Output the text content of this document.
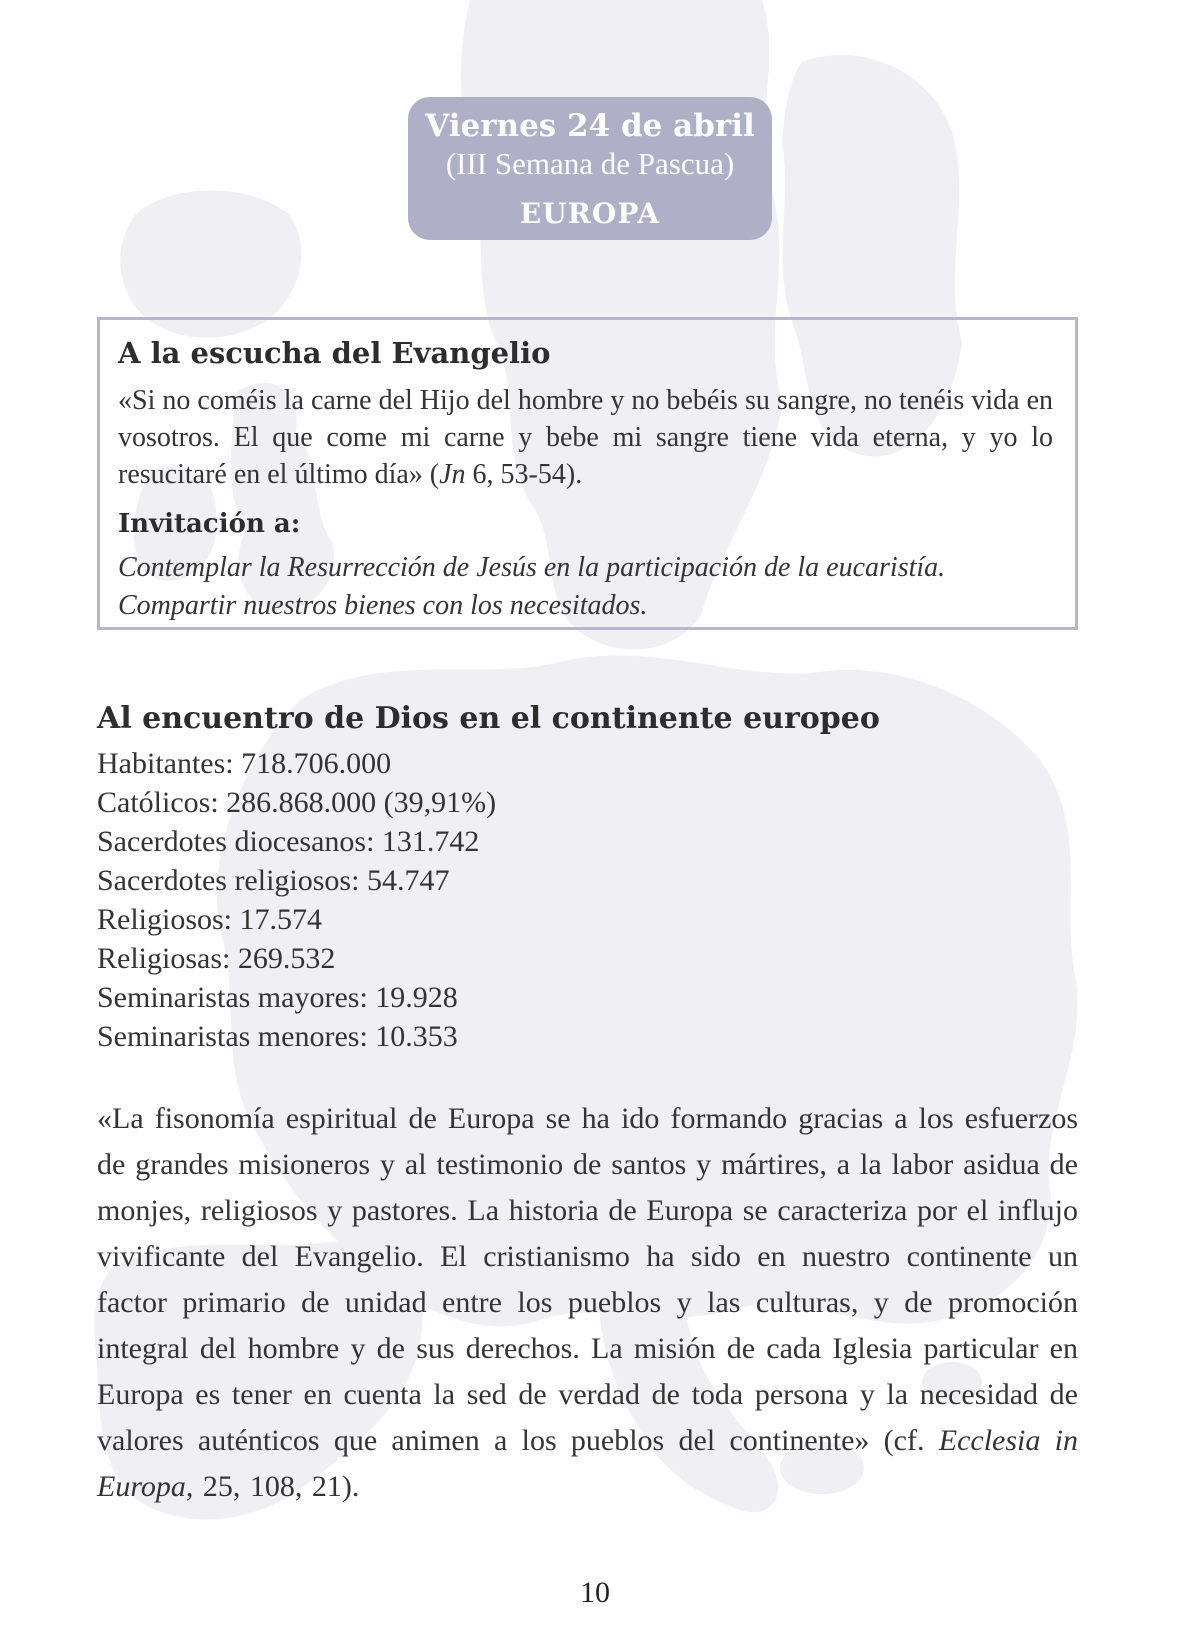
Viernes 24 de abril
(III Semana de Pascua)
EUROPA
A la escucha del Evangelio

«Si no coméis la carne del Hijo del hombre y no bebéis su sangre, no tenéis vida en vosotros. El que come mi carne y bebe mi sangre tiene vida eterna, y yo lo resucitaré en el último día» (Jn 6, 53-54).

Invitación a:

Contemplar la Resurrección de Jesús en la participación de la eucaristía.

Compartir nuestros bienes con los necesitados.

Al encuentro de Dios en el continente europeo
Habitantes: 718.706.000
Católicos: 286.868.000 (39,91%)
Sacerdotes diocesanos: 131.742
Sacerdotes religiosos: 54.747
Religiosos: 17.574
Religiosas: 269.532
Seminaristas mayores: 19.928
Seminaristas menores: 10.353

«La fisonomía espiritual de Europa se ha ido formando gracias a los esfuerzos de grandes misioneros y al testimonio de santos y mártires, a la labor asidua de monjes, religiosos y pastores. La historia de Europa se caracteriza por el influjo vivificante del Evangelio. El cristianismo ha sido en nuestro continente un factor primario de unidad entre los pueblos y las culturas, y de promoción integral del hombre y de sus derechos. La misión de cada Iglesia particular en Europa es tener en cuenta la sed de verdad de toda persona y la necesidad de valores auténticos que animen a los pueblos del continente» (cf. Ecclesia in Europa, 25, 108, 21).

10
